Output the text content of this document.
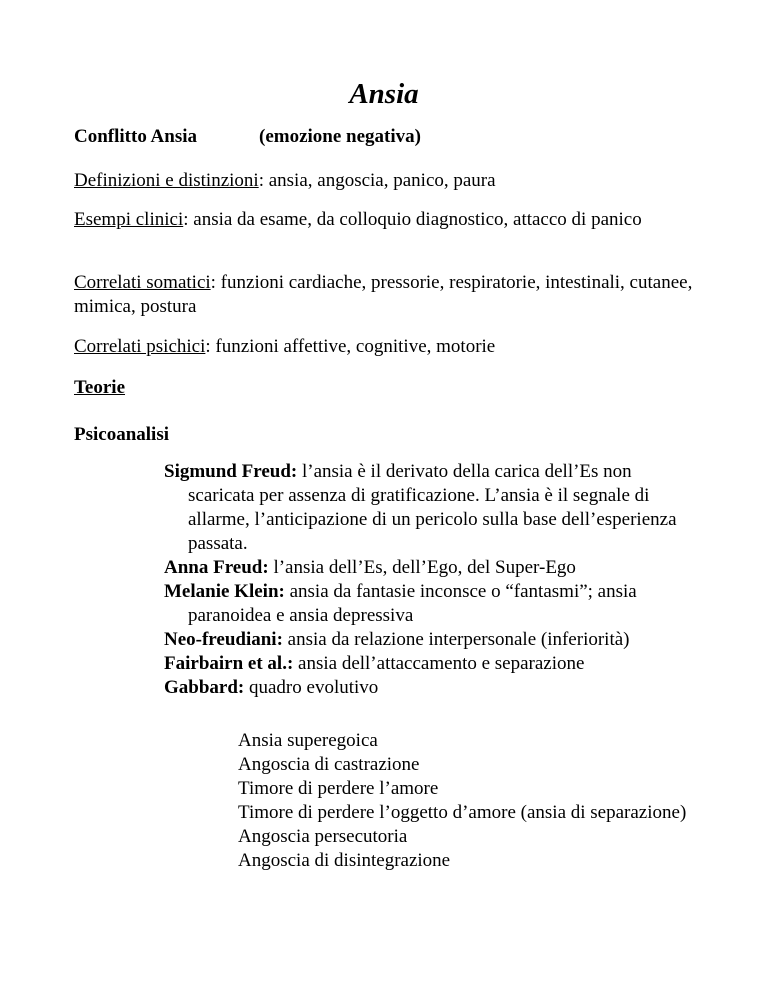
Ansia
Conflitto Ansia	(emozione negativa)
Definizioni e distinzioni: ansia, angoscia, panico, paura
Esempi clinici: ansia da esame, da colloquio diagnostico, attacco di panico
Correlati somatici: funzioni cardiache, pressorie, respiratorie, intestinali, cutanee, mimica, postura
Correlati psichici: funzioni affettive, cognitive, motorie
Teorie
Psicoanalisi

Sigmund Freud: l’ansia è il derivato della carica dell’Es non scaricata per assenza di gratificazione. L’ansia è il segnale di allarme, l’anticipazione di un pericolo sulla base dell’esperienza passata.

Anna Freud: l’ansia dell’Es, dell’Ego, del Super-Ego

Melanie Klein: ansia da fantasie inconsce o “fantasmi”; ansia paranoidea e ansia depressiva

Neo-freudiani: ansia da relazione interpersonale (inferiorità)

Fairbairn et al.: ansia dell’attaccamento e separazione

Gabbard: quadro evolutivo

Ansia superegoica

Angoscia di castrazione

Timore di perdere l’amore

Timore di perdere l’oggetto d’amore (ansia di separazione)

Angoscia persecutoria

Angoscia di disintegrazione
